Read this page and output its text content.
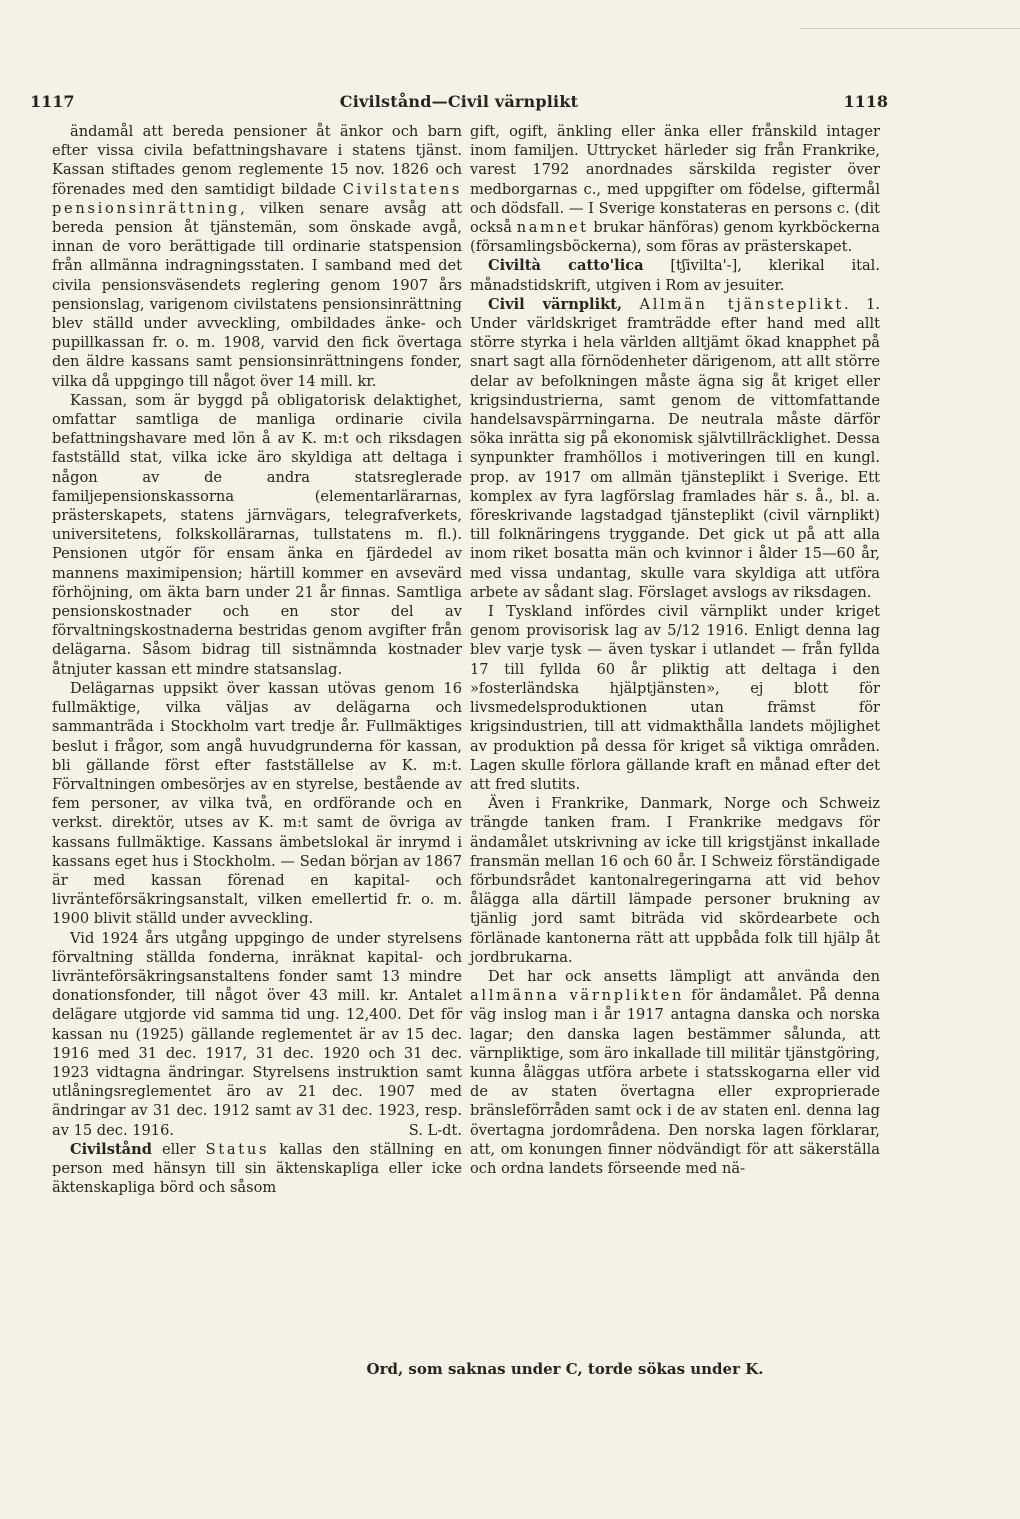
1117	Civilstånd—Civil värnplikt	1118

ändamål att bereda pensioner åt änkor och barn efter vissa civila befattningshavare i statens tjänst. Kassan stiftades genom reglemente 15 nov. 1826 och förenades med den samtidigt bildade Civilstatens pensionsinrättning, vilken senare avsåg att bereda pension åt tjänstemän, som önskade avgå, innan de voro berättigade till ordinarie statspension från allmänna indragningsstaten. I samband med det civila pensionsväsendets reglering genom 1907 års pensionslag, varigenom civilstatens pensionsinrättning blev ställd under avveckling, ombildades änke- och pupillkassan fr. o. m. 1908, varvid den fick övertaga den äldre kassans samt pensionsinrättningens fonder, vilka då uppgingo till något över 14 mill. kr.

Kassan, som är byggd på obligatorisk delaktighet, omfattar samtliga de manliga ordinarie civila befattningshavare med lön å av K. m:t och riksdagen fastställd stat, vilka icke äro skyldiga att deltaga i någon av de andra statsreglerade familjepensionskassorna (elementarlärarnas, prästerskapets, statens järnvägars, telegrafverkets, universitetens, folkskollärarnas, tullstatens m. fl.). Pensionen utgör för ensam änka en fjärdedel av mannens maximipension; härtill kommer en avsevärd förhöjning, om äkta barn under 21 år finnas. Samtliga pensionskostnader och en stor del av förvaltningskostnaderna bestridas genom avgifter från delägarna. Såsom bidrag till sistnämnda kostnader åtnjuter kassan ett mindre statsanslag.

Delägarnas uppsikt över kassan utövas genom 16 fullmäktige, vilka väljas av delägarna och sammanträda i Stockholm vart tredje år. Fullmäktiges beslut i frågor, som angå huvudgrunderna för kassan, bli gällande först efter fastställelse av K. m:t. Förvaltningen ombesörjes av en styrelse, bestående av fem personer, av vilka två, en ordförande och en verkst. direktör, utses av K. m:t samt de övriga av kassans fullmäktige. Kassans ämbetslokal är inrymd i kassans eget hus i Stockholm. — Sedan början av 1867 är med kassan förenad en kapital- och livränteförsäkringsanstalt, vilken emellertid fr. o. m. 1900 blivit ställd under avveckling.

Vid 1924 års utgång uppgingo de under styrelsens förvaltning ställda fonderna, inräknat kapital- och livränteförsäkringsanstaltens fonder samt 13 mindre donationsfonder, till något över 43 mill. kr. Antalet delägare utgjorde vid samma tid ung. 12,400. Det för kassan nu (1925) gällande reglementet är av 15 dec. 1916 med 31 dec. 1917, 31 dec. 1920 och 31 dec. 1923 vidtagna ändringar. Styrelsens instruktion samt utlåningsreglementet äro av 21 dec. 1907 med ändringar av 31 dec. 1912 samt av 31 dec. 1923, resp. av 15 dec. 1916.	S. L-dt.

Civilstånd eller Status kallas den ställning en person med hänsyn till sin äktenskapliga eller icke äktenskapliga börd och såsom

gift, ogift, änkling eller änka eller frånskild intager inom familjen. Uttrycket härleder sig från Frankrike, varest 1792 anordnades särskilda register över medborgarnas c., med uppgifter om födelse, giftermål och dödsfall. — I Sverige konstateras en persons c. (dit också namnet brukar hänföras) genom kyrkböckerna (församlingsböckerna), som föras av prästerskapet.

Civiltà catto'lica [tʃivilta'-], klerikal ital. månadstidskrift, utgiven i Rom av jesuiter.

Civil värnplikt, Allmän tjänsteplikt. 1. Under världskriget framträdde efter hand med allt större styrka i hela världen alltjämt ökad knapphet på snart sagt alla förnödenheter därigenom, att allt större delar av befolkningen måste ägna sig åt kriget eller krigsindustrierna, samt genom de vittomfattande handelsavspärrningarna. De neutrala måste därför söka inrätta sig på ekonomisk självtillräcklighet. Dessa synpunkter framhöllos i motiveringen till en kungl. prop. av 1917 om allmän tjänsteplikt i Sverige. Ett komplex av fyra lagförslag framlades här s. å., bl. a. föreskrivande lagstadgad tjänsteplikt (civil värnplikt) till folknäringens tryggande. Det gick ut på att alla inom riket bosatta män och kvinnor i ålder 15—60 år, med vissa undantag, skulle vara skyldiga att utföra arbete av sådant slag. Förslaget avslogs av riksdagen.

I Tyskland infördes civil värnplikt under kriget genom provisorisk lag av 5/12 1916. Enligt denna lag blev varje tysk — även tyskar i utlandet — från fyllda 17 till fyllda 60 år pliktig att deltaga i den »fosterländska hjälptjänsten», ej blott för livsmedelsproduktionen utan främst för krigsindustrien, till att vidmakthålla landets möjlighet av produktion på dessa för kriget så viktiga områden. Lagen skulle förlora gällande kraft en månad efter det att fred slutits.

Även i Frankrike, Danmark, Norge och Schweiz trängde tanken fram. I Frankrike medgavs för ändamålet utskrivning av icke till krigstjänst inkallade fransmän mellan 16 och 60 år. I Schweiz förständigade förbundsrådet kantonalregeringarna att vid behov ålägga alla därtill lämpade personer brukning av tjänlig jord samt biträda vid skördearbete och förlänade kantonerna rätt att uppbåda folk till hjälp åt jordbrukarna.

Det har ock ansetts lämpligt att använda den allmänna värnplikten för ändamålet. På denna väg inslog man i år 1917 antagna danska och norska lagar; den danska lagen bestämmer sålunda, att värnpliktige, som äro inkallade till militär tjänstgöring, kunna åläggas utföra arbete i statsskogarna eller vid de av staten övertagna eller exproprierade bränsleförråden samt ock i de av staten enl. denna lag övertagna jordområdena. Den norska lagen förklarar, att, om konungen finner nödvändigt för att säkerställa och ordna landets förseende med nä-

Ord, som saknas under C, torde sökas under K.
